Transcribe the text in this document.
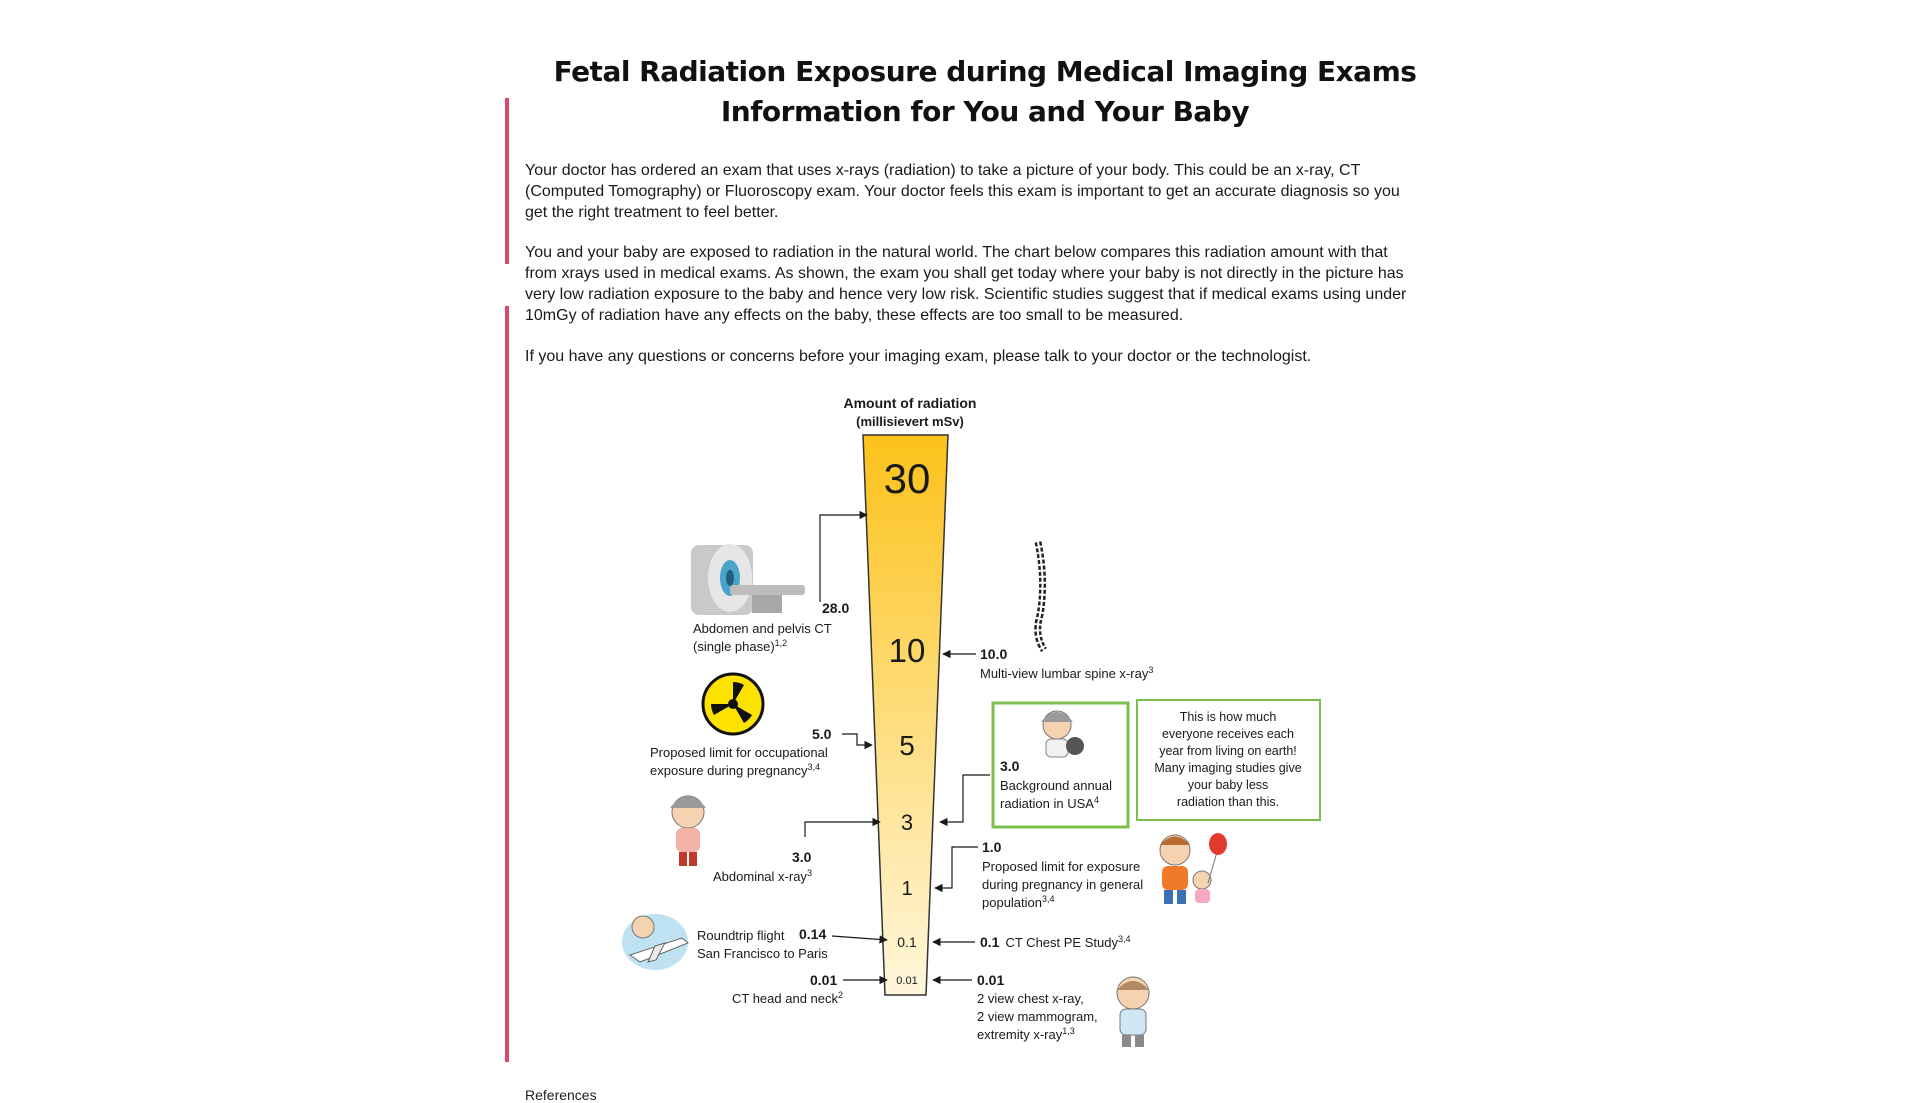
Fetal Radiation Exposure during Medical Imaging Exams
Information for You and Your Baby
Your doctor has ordered an exam that uses x-rays (radiation) to take a picture of your body. This could be an x-ray, CT (Computed Tomography) or Fluoroscopy exam. Your doctor feels this exam is important to get an accurate diagnosis so you get the right treatment to feel better.
You and your baby are exposed to radiation in the natural world. The chart below compares this radiation amount with that from xrays used in medical exams. As shown, the exam you shall get today where your baby is not directly in the picture has very low radiation exposure to the baby and hence very low risk. Scientific studies suggest that if medical exams using under 10mGy of radiation have any effects on the baby, these effects are too small to be measured.
If you have any questions or concerns before your imaging exam, please talk to your doctor or the technologist.
Amount of radiation
(millisievert mSv)
30
10
5
3
1
0.1
0.01
28.0
Abdomen and pelvis CT
(single phase)$^{1,2}$
5.0
Proposed limit for occupational
exposure during pregnancy$^{3,4}$
3.0
Abdominal x-ray$^3$
0.14
Roundtrip flight
San Francisco to Paris
0.01
CT head and neck$^2$
10.0
Multi-view lumbar spine x-ray$^3$
3.0
Background annual
radiation in USA$^4$
This is how much
everyone receives each
year from living on earth!
Many imaging studies give
your baby less
radiation than this.
1.0
Proposed limit for exposure
during pregnancy in general
population$^{3,4}$
0.1 CT Chest PE Study$^{3,4}$
0.01
2 view chest x-ray,
2 view mammogram,
extremity x-ray$^{1,3}$
References
